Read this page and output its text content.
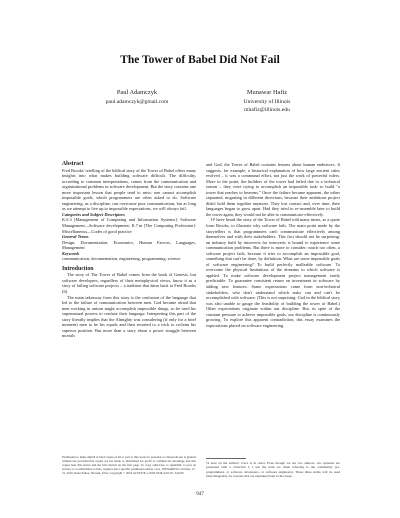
The Tower of Babel Did Not Fail
Paul Adamczyk
paul.adamczyk@gmail.com
Munawar Hafiz
University of Illinois
mhafiz@illinois.edu

Abstract

Fred Brooks' retelling of the biblical story of the Tower of Babel offers many insights into what makes building software difficult. The difficulty, according to common interpretations, comes from the communication and organizational problems in software development. But the story contains one more important lesson that people tend to miss: one cannot accomplish impossible goals, which programmers are often asked to do. Software engineering, as a discipline, can overcome poor communication; but as long as we attempt to live up to impossible expectations, we will always fail.

Categories and Subject Descriptors

K.6.3 [Management of Computing and Information Systems]: Software Management—Software development; K.7.m [The Computing Profession]: Miscellaneous—Codes of good practice

General Terms

Design, Documentation, Economics, Human Factors, Languages, Management

Keywords

communication, documentation, engineering, programming, science

Introduction

The story of The Tower of Babel comes from the book of Genesis, but software developers, regardless of their metaphysical views, know it as a story of failing software projects – a tradition that dates back to Fred Brooks [6].

The main takeaway from this story is the confusion of the language that led to the failure of communication between men. God became afraid that men working in unison might accomplish impossible things, so he used his supernatural powers to confuse their language. Interpreting this part of the story literally implies that the Almighty was considering (if only for a brief moment) men to be his equals and then resorted to a trick to reclaim his superior position. But more than a story about a power struggle between mortals

Permission to make digital or hard copies of all or part of this work for personal or classroom use is granted without fee provided that copies are not made or distributed for profit or commercial advantage and that copies bear this notice and the full citation on the first page. To copy otherwise, to republish, to post on servers or to redistribute to lists, requires prior specific permission and/or a fee. ONWARD'10, October 17–21, 2010, Reno/Tahoe, Nevada, USA. Copyright © 2010 ACM 978-1-4503-0236-4/10/10...$10.00

and God, the Tower of Babel contains lessons about human endeavors. It suggests, for example, a historical explanation of how large ancient cities evolved – it was a communal effort, not just the work of powerful rulers. More to the point, the builders of the tower had failed due to a technical reason – they were trying to accomplish an impossible task: to build "a tower that reaches to heavens." Once the failure became apparent, the tribes separated, migrating in different directions, because their ambitions project didn't hold them together anymore. They lost contact and, over time, their languages began to grow apart. Had they tried to re-assemble later to build the tower again, they would not be able to communicate effectively.

If¹ have heard the story of the Tower of Babel told many times, as a quote from Brooks, to illustrate why software fails. The main point made by the storytellers is that programmers can't communicate effectively among themselves and with their stakeholders. This fact should not be surprising: an industry built by introverts for introverts is bound to experience some communication problems. But there is more to consider: much too often, a software project fails, because it tries to accomplish an impossible goal, something that can't be done, by definition. What are some impossible goals of software engineering? To build perfectly malleable software. To overcome the physical limitations of the domains to which software is applied. To make software development project management easily predictable. To guarantee consistent return on investment in software by adding new features. Some expectations come from non-technical stakeholders, who don't understand which tasks can and can't be accomplished with software. (This is not surprising: God in the biblical story was also unable to gauge the feasibility of building the tower of Babel.) Other expectations originate within our discipline. But, in spite of the constant pressure to achieve impossible goals, our discipline is continuously growing. To explore this apparent contradiction, this essay examines the expectations placed on software engineering.

¹A note on the authors' voice is in order. Even though we are two authors, our opinions are presented with a collective I. I use the term we when referring to the community (i.e. programmers, or software developers, or software engineers). These three terms will be used interchangeably for reasons that are explained later in the essay.
947
